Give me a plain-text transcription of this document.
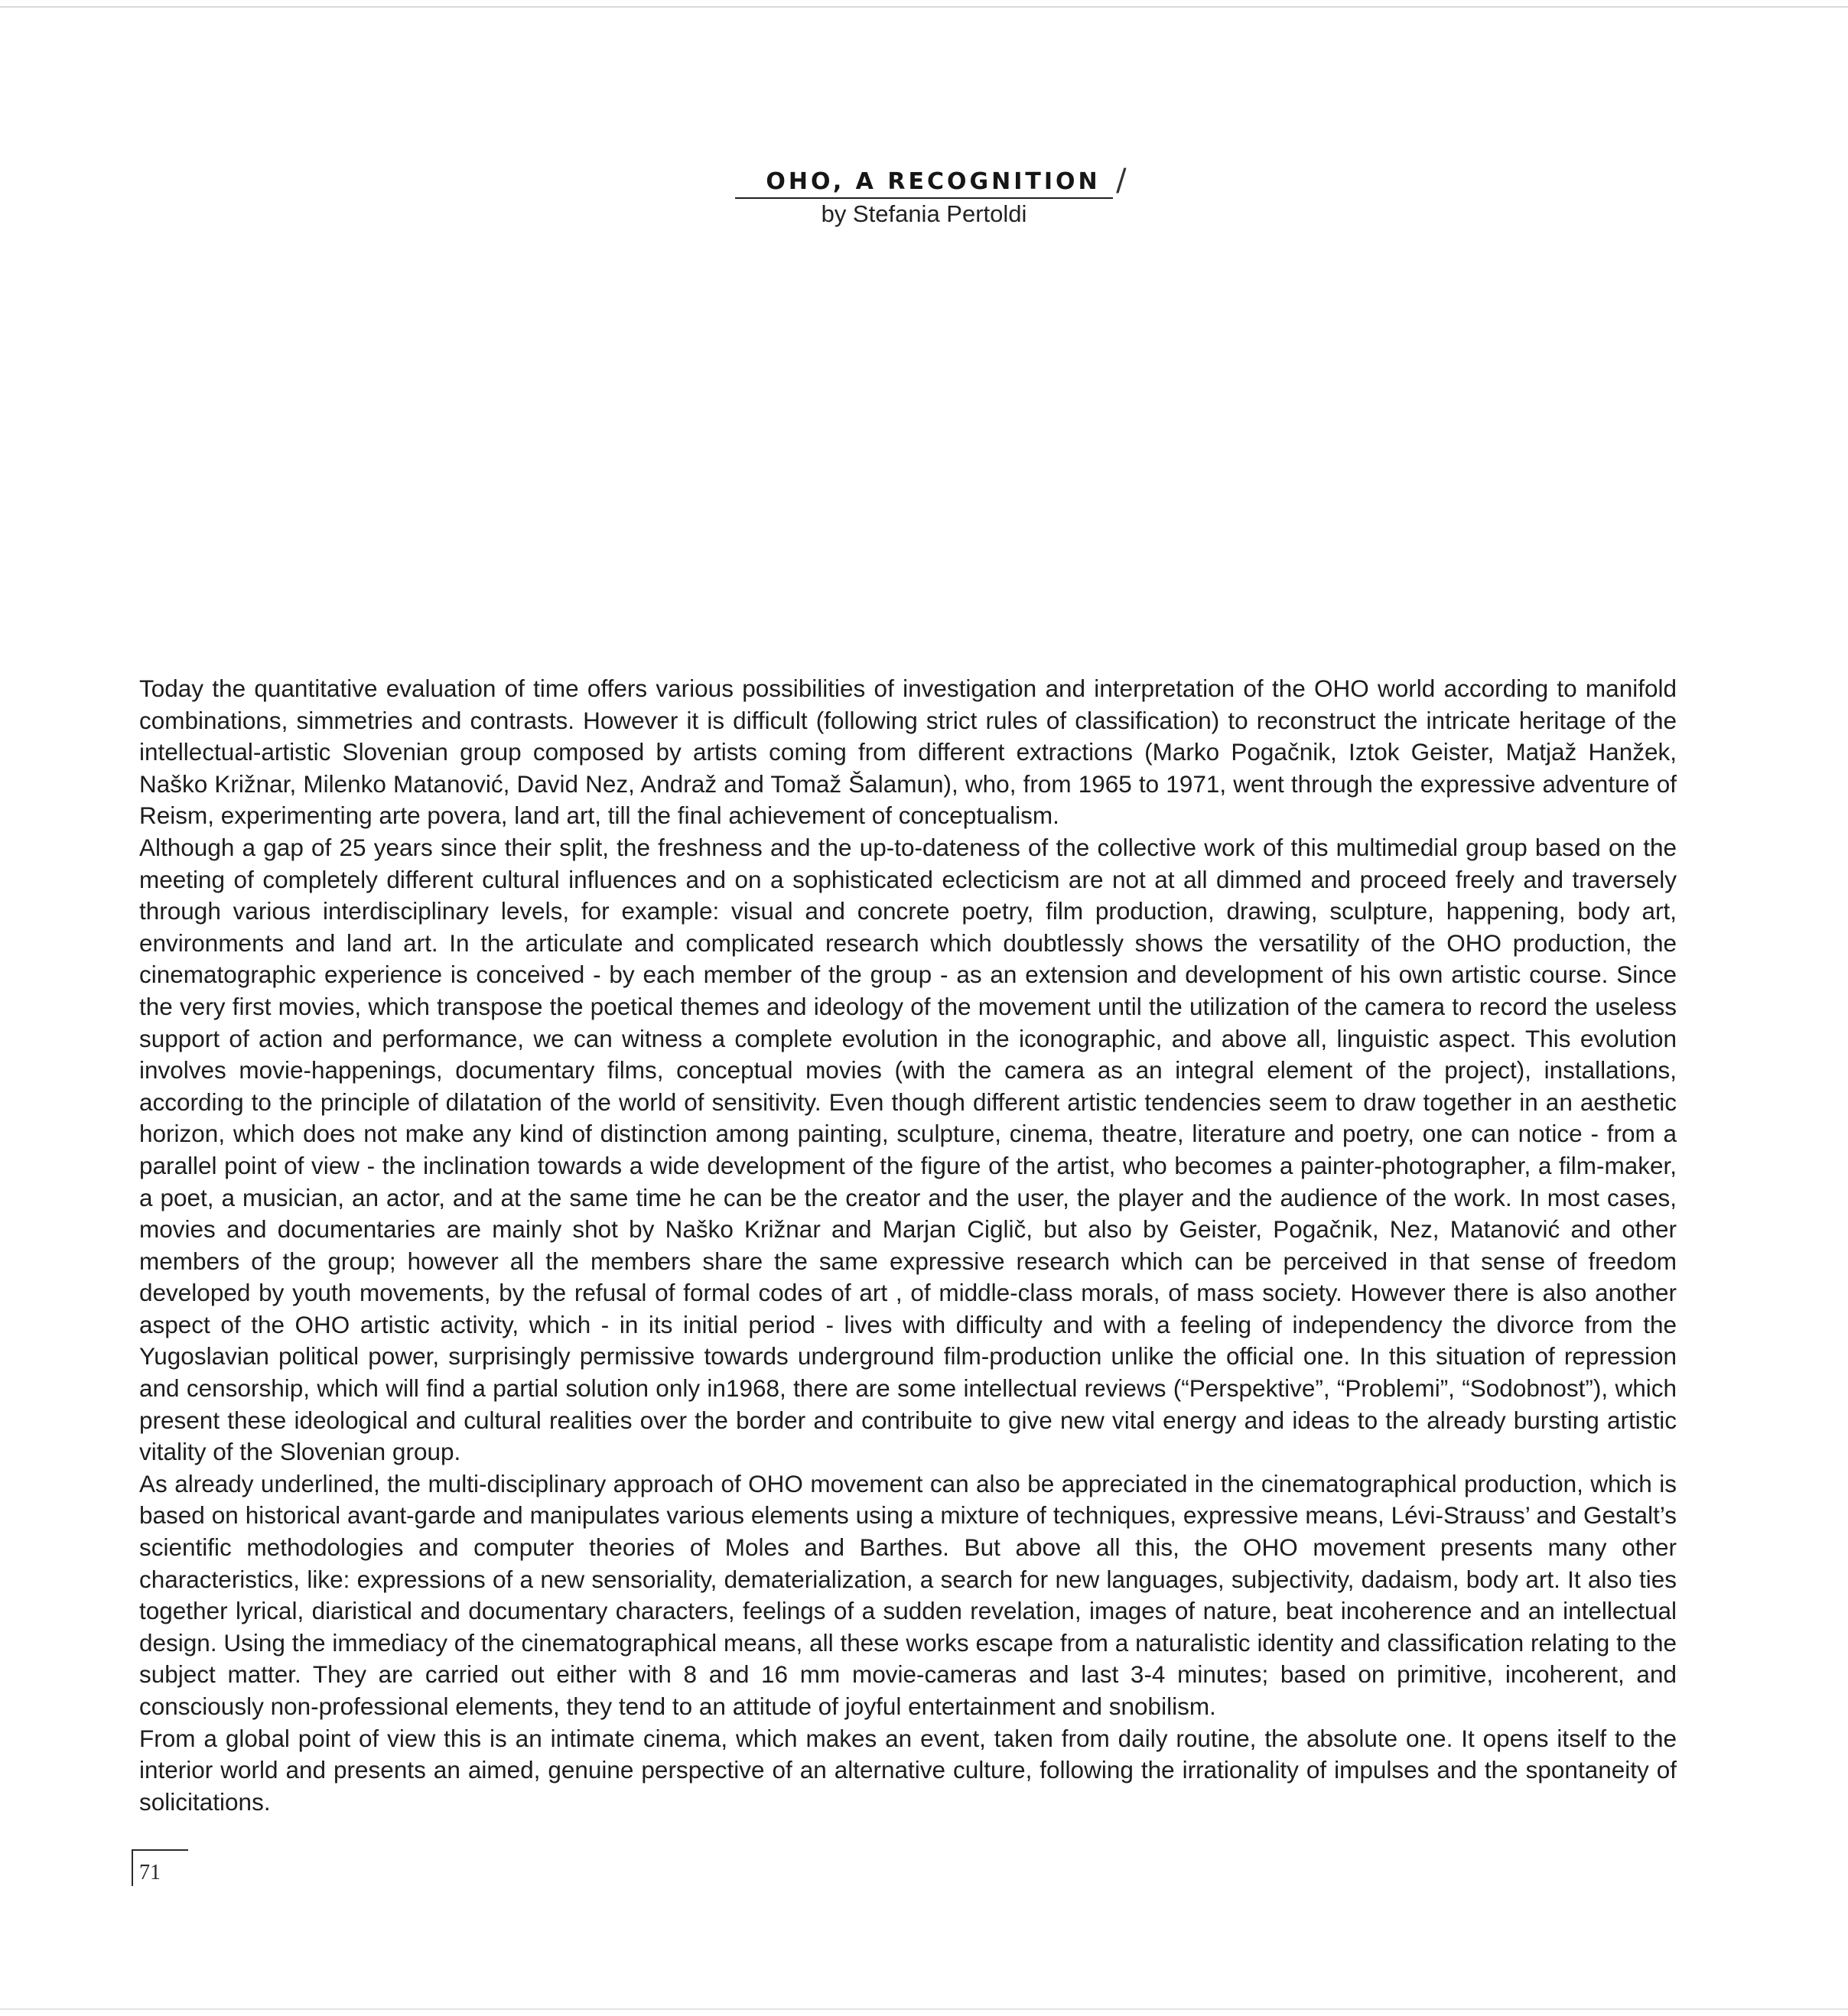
OHO, A RECOGNITION /
by Stefania Pertoldi

Today the quantitative evaluation of time offers various possibilities of investigation and interpretation of the OHO world according to manifold combinations, simmetries and contrasts. However it is difficult (following strict rules of classification) to reconstruct the intricate heritage of the intellectual-artistic Slovenian group composed by artists coming from different extractions (Marko Pogačnik, Iztok Geister, Matjaž Hanžek, Naško Križnar, Milenko Matanović, David Nez, Andraž and Tomaž Šalamun), who, from 1965 to 1971, went through the expressive adventure of Reism, experimenting arte povera, land art, till the final achievement of conceptualism.

Although a gap of 25 years since their split, the freshness and the up-to-dateness of the collective work of this multimedial group based on the meeting of completely different cultural influences and on a sophisticated eclecticism are not at all dimmed and proceed freely and traversely through various interdisciplinary levels, for example: visual and concrete poetry, film production, drawing, sculpture, happening, body art, environments and land art. In the articulate and complicated research which doubtlessly shows the versatility of the OHO production, the cinematographic experience is conceived - by each member of the group - as an extension and development of his own artistic course. Since the very first movies, which transpose the poetical themes and ideology of the movement until the utilization of the camera to record the useless support of action and performance, we can witness a complete evolution in the iconographic, and above all, linguistic aspect. This evolution involves movie-happenings, documentary films, conceptual movies (with the camera as an integral element of the project), installations, according to the principle of dilatation of the world of sensitivity. Even though different artistic tendencies seem to draw together in an aesthetic horizon, which does not make any kind of distinction among painting, sculpture, cinema, theatre, literature and poetry, one can notice - from a parallel point of view - the inclination towards a wide development of the figure of the artist, who becomes a painter-photographer, a film-maker, a poet, a musician, an actor, and at the same time he can be the creator and the user, the player and the audience of the work. In most cases, movies and documentaries are mainly shot by Naško Križnar and Marjan Ciglič, but also by Geister, Pogačnik, Nez, Matanović and other members of the group; however all the members share the same expressive research which can be perceived in that sense of freedom developed by youth movements, by the refusal of formal codes of art , of middle-class morals, of mass society. However there is also another aspect of the OHO artistic activity, which - in its initial period - lives with difficulty and with a feeling of independency the divorce from the Yugoslavian political power, surprisingly permissive towards underground film-production unlike the official one. In this situation of repression and censorship, which will find a partial solution only in1968, there are some intellectual reviews (“Perspektive”, “Problemi”, “Sodobnost”), which present these ideological and cultural realities over the border and contribuite to give new vital energy and ideas to the already bursting artistic vitality of the Slovenian group.

As already underlined, the multi-disciplinary approach of OHO movement can also be appreciated in the cinematographical production, which is based on historical avant-garde and manipulates various elements using a mixture of techniques, expressive means, Lévi-Strauss’ and Gestalt’s scientific methodologies and computer theories of Moles and Barthes. But above all this, the OHO movement presents many other characteristics, like: expressions of a new sensoriality, dematerialization, a search for new languages, subjectivity, dadaism, body art. It also ties together lyrical, diaristical and documentary characters, feelings of a sudden revelation, images of nature, beat incoherence and an intellectual design. Using the immediacy of the cinematographical means, all these works escape from a naturalistic identity and classification relating to the subject matter. They are carried out either with 8 and 16 mm movie-cameras and last 3-4 minutes; based on primitive, incoherent, and consciously non-professional elements, they tend to an attitude of joyful entertainment and snobilism.

From a global point of view this is an intimate cinema, which makes an event, taken from daily routine, the absolute one. It opens itself to the interior world and presents an aimed, genuine perspective of an alternative culture, following the irrationality of impulses and the spontaneity of solicitations.

71
